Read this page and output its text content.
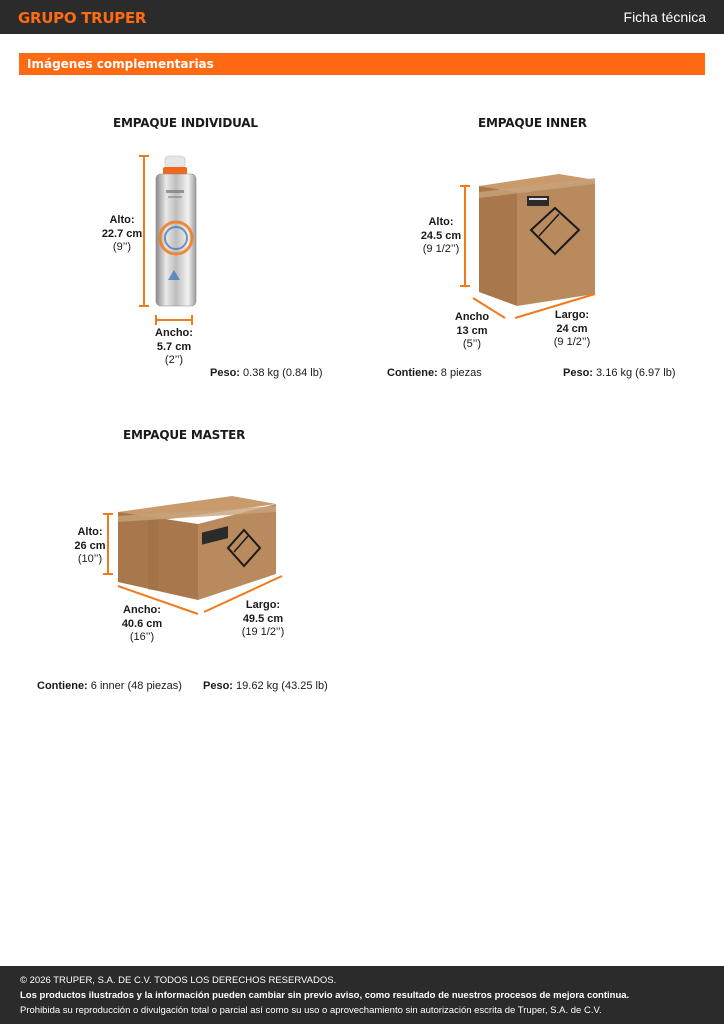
GRUPO TRUPER	Ficha técnica
Imágenes complementarias
EMPAQUE INDIVIDUAL
Alto:
22.7 cm
(9’’)
Ancho:
5.7 cm
(2’’)
Peso: 0.38 kg (0.84 lb)
EMPAQUE INNER
Alto:
24.5 cm
(9 1/2’’)
Ancho
13 cm
(5’’)
Largo:
24 cm
(9 1/2’’)
Contiene: 8 piezas	Peso: 3.16 kg (6.97 lb)
EMPAQUE MASTER
Alto:
26 cm
(10’’)
Ancho:
40.6 cm
(16’’)
Largo:
49.5 cm
(19 1/2’’)
Contiene: 6 inner (48 piezas) Peso: 19.62 kg (43.25 lb)
© 2026 TRUPER, S.A. DE C.V. TODOS LOS DERECHOS RESERVADOS.
Los productos ilustrados y la información pueden cambiar sin previo aviso, como resultado de nuestros procesos de mejora continua.
Prohibida su reproducción o divulgación total o parcial así como su uso o aprovechamiento sin autorización escrita de Truper, S.A. de C.V.
